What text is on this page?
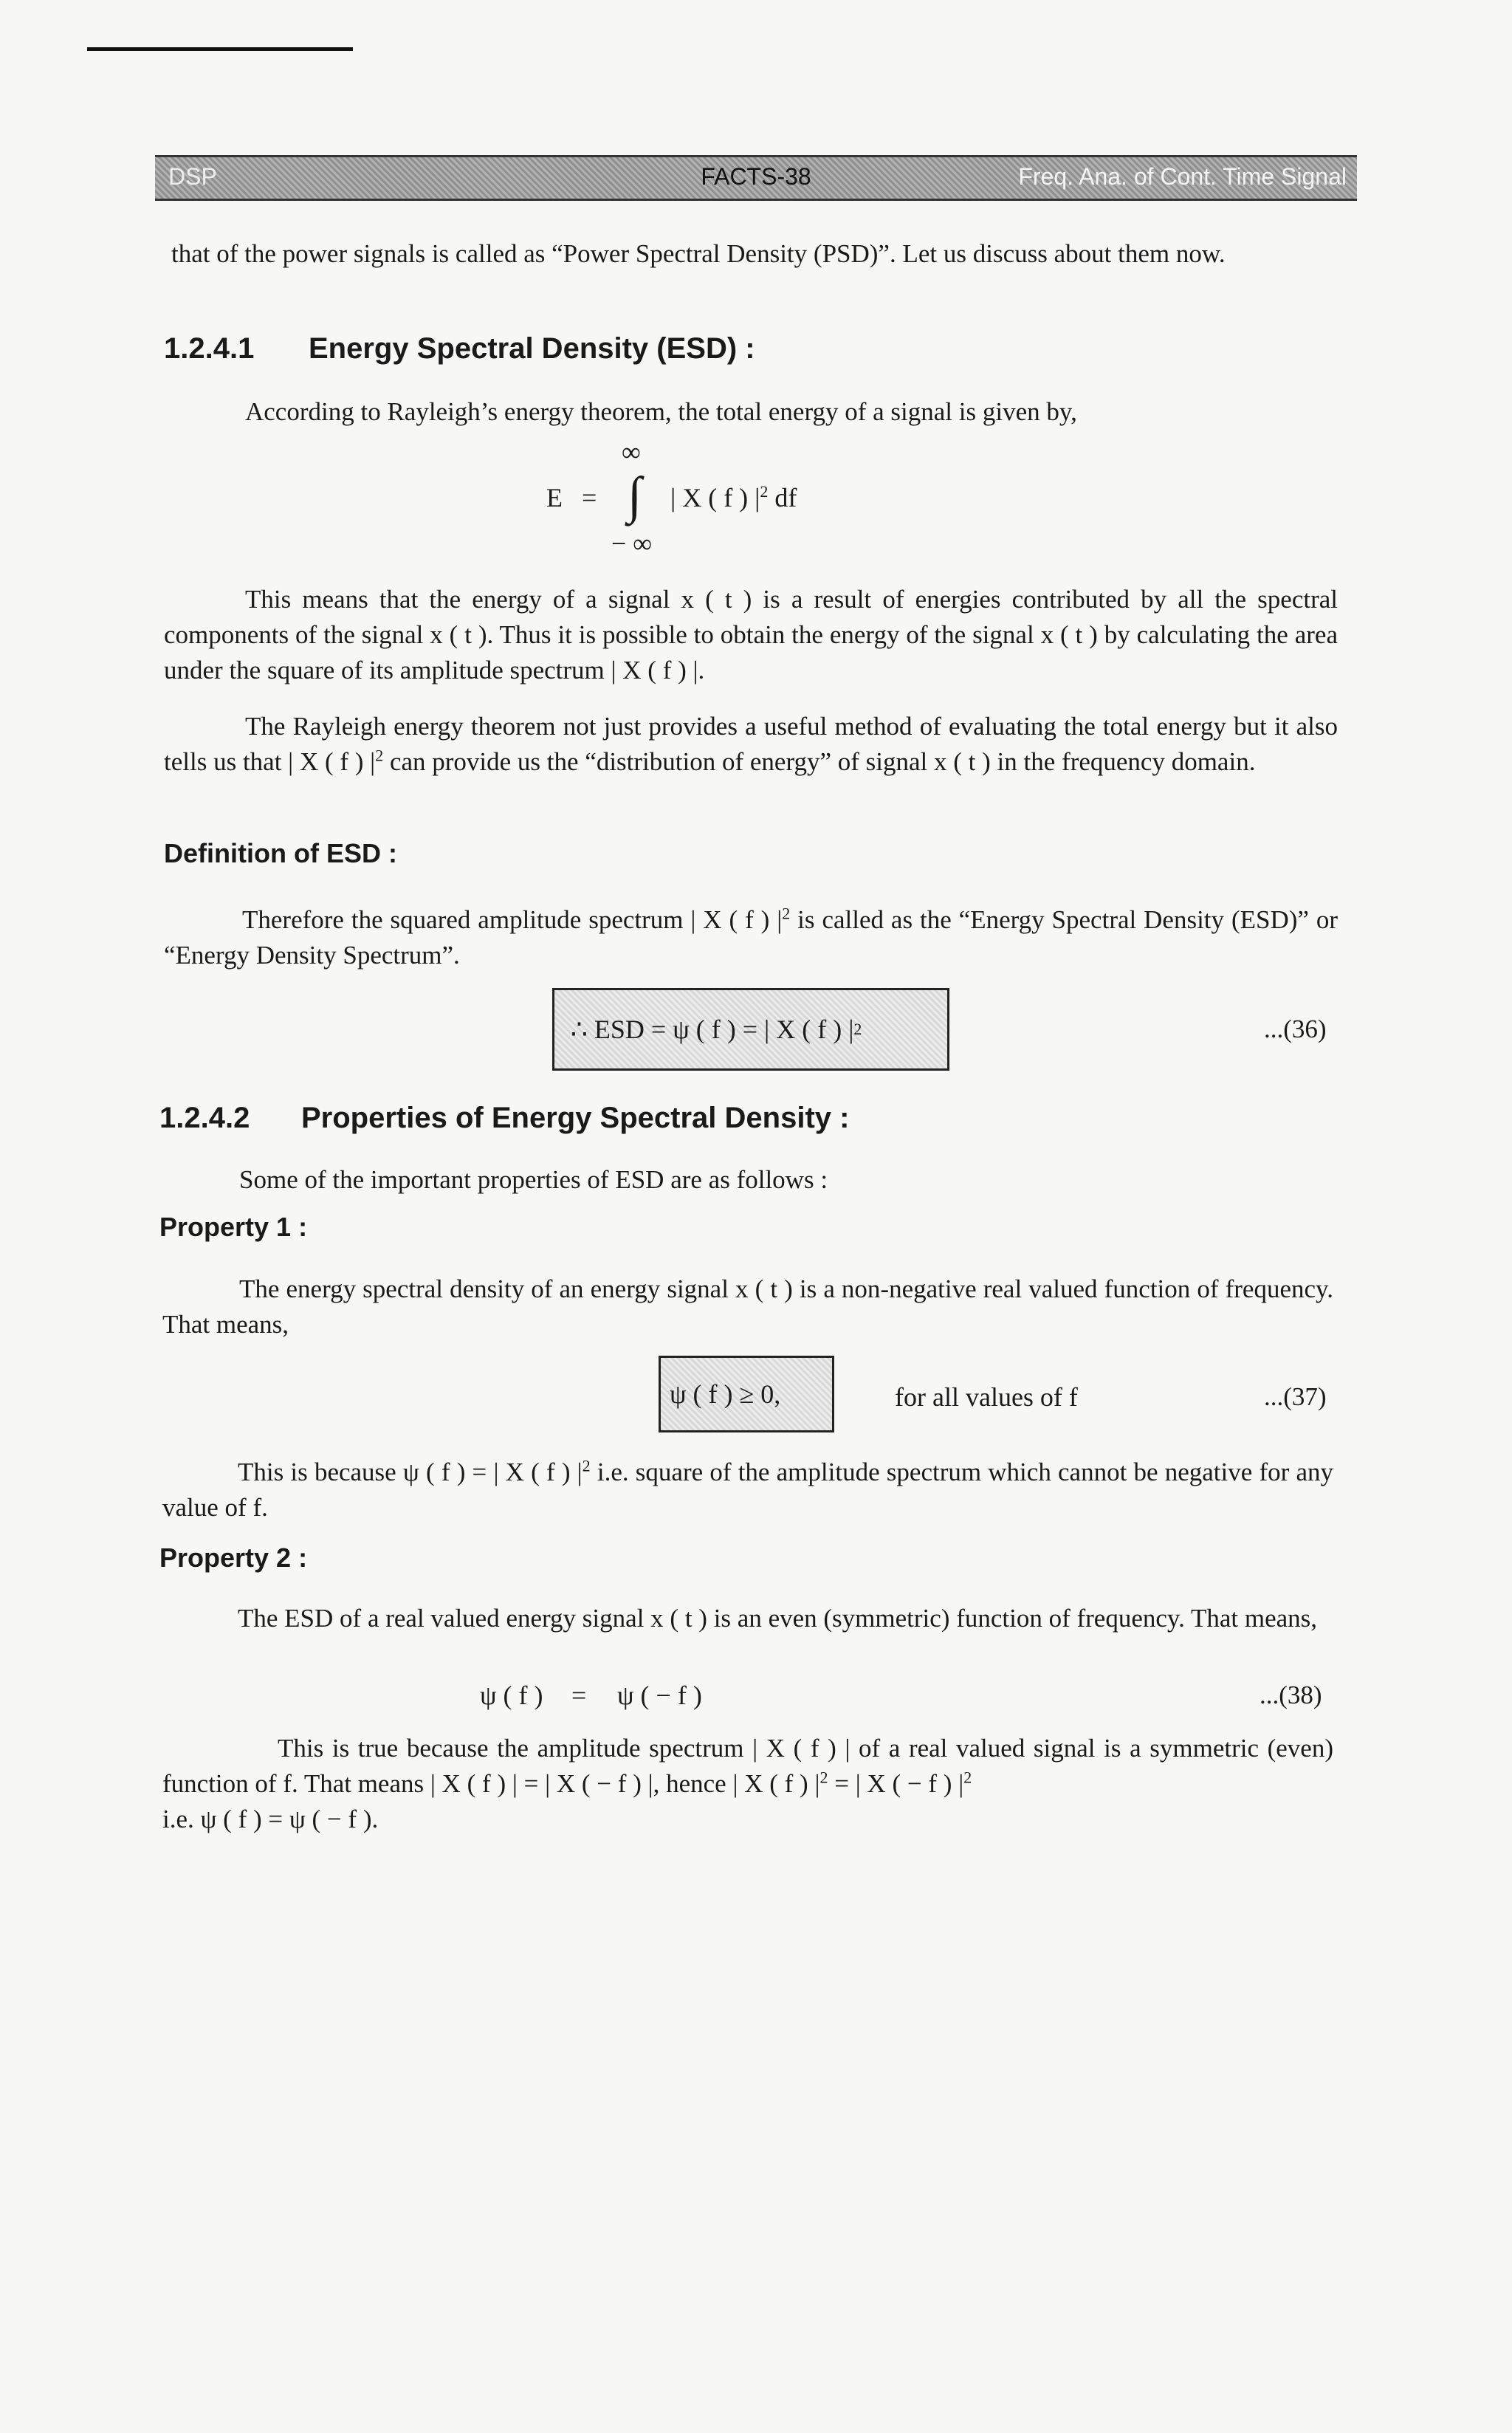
DSP	FACTS-38	Freq. Ana. of Cont. Time Signal
that of the power signals is called as “Power Spectral Density (PSD)”. Let us discuss about them now.
1.2.4.1 Energy Spectral Density (ESD) :
According to Rayleigh’s energy theorem, the total energy of a signal is given by,
E =
∞
∫
− ∞
| X ( f ) $|^2$ df
This means that the energy of a signal x ( t ) is a result of energies contributed by all the spectral components of the signal x ( t ). Thus it is possible to obtain the energy of the signal x ( t ) by calculating the area under the square of its amplitude spectrum | X ( f ) |.
The Rayleigh energy theorem not just provides a useful method of evaluating the total energy but it also tells us that | X ( f ) $|^2$ can provide us the “distribution of energy” of signal x ( t ) in the frequency domain.
Definition of ESD :
Therefore the squared amplitude spectrum | X ( f ) $|^2$ is called as the “Energy Spectral Density (ESD)” or “Energy Density Spectrum”.
∴ ESD = ψ ( f ) = | X ( f ) | 2	...(36)
1.2.4.2 Properties of Energy Spectral Density :
Some of the important properties of ESD are as follows :
Property 1 :
The energy spectral density of an energy signal x ( t ) is a non-negative real valued function of frequency. That means,
ψ ( f ) ≥ 0,	for all values of f	...(37)
This is because ψ ( f ) = | X ( f ) $|^2$ i.e. square of the amplitude spectrum which cannot be negative for any value of f.
Property 2 :
The ESD of a real valued energy signal x ( t ) is an even (symmetric) function of frequency. That means,
ψ ( f ) = ψ ( − f )	...(38)
This is true because the amplitude spectrum | X ( f ) | of a real valued signal is a symmetric (even) function of f. That means | X ( f ) | = | X ( − f ) |, hence | X ( f ) $|^2$ = | X ( − f ) $|^2$
i.e. ψ ( f ) = ψ ( − f ).
